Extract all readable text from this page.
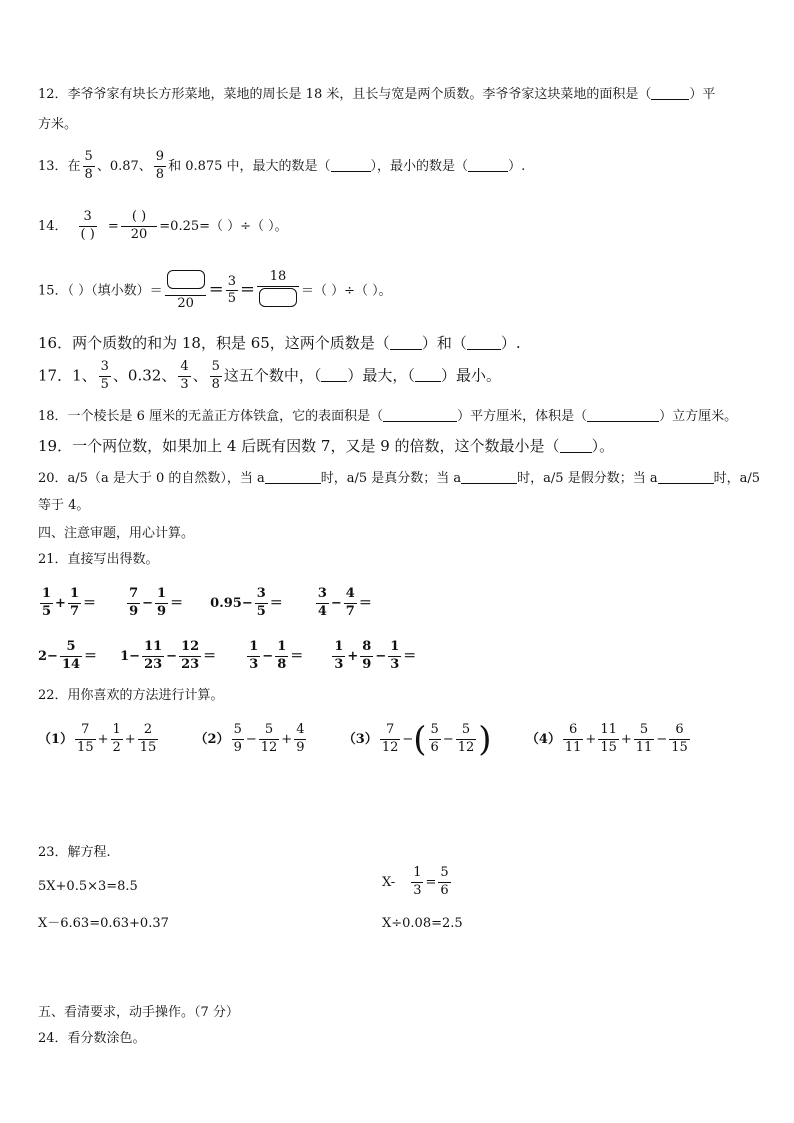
12．李爷爷家有块长方形菜地，菜地的周长是 18 米，且长与宽是两个质数。李爷爷家这块菜地的面积是（	）平
方米。
13．在 $\frac{5}{8}$ 、0.87、 $\frac{9}{8}$ 和 0.875 中，最大的数是（	），最小的数是（	）.
14． $\frac{3}{( )} = \frac{( )}{20} =0.25=$（ ）÷（ ）。
15．（ ）（填小数）＝
20
＝ $\frac{3}{5}$ ＝
18
＝（ ）÷（ ）。
16．两个质数的和为 18，积是 65，这两个质数是（ ）和（ ）.
17．1、 $\frac{3}{5}$ 、0.32、 $\frac{4}{3}$ 、 $\frac{5}{8}$ 这五个数中，（ ）最大，（ ）最小。
18．一个棱长是 6 厘米的无盖正方体铁盒，它的表面积是（	）平方厘米，体积是（	）立方厘米。
19．一个两位数，如果加上 4 后既有因数 7，又是 9 的倍数，这个数最小是（ ）。
20．a/5（a 是大于 0 的自然数），当 a	时，a/5 是真分数；当 a	时，a/5 是假分数；当 a	时，a/5
等于 4。
四、注意审题，用心计算。
21．直接写出得数。
$\frac{1}{5} + \frac{1}{7} = \frac{7}{9} - \frac{1}{9} = 0.95- \frac{3}{5}$ ＝	$\frac{3}{4} - \frac{4}{7}$ ＝
$2- \frac{5}{14} = 1- \frac{11}{23} - \frac{12}{23} = \frac{1}{3} - \frac{1}{8} = \frac{1}{3} + \frac{8}{9} - \frac{1}{3}$ ＝
22．用你喜欢的方法进行计算。
$(1) \frac{7}{15} + \frac{1}{2} + \frac{2}{15}$	$(2) \frac{5}{9} - \frac{5}{12} + \frac{4}{9}$	$(3) \frac{7}{12}$ −( $\frac{5}{6} - \frac{5}{12}$ )	$(4) \frac{6}{11} + \frac{11}{15} + \frac{5}{11} - \frac{6}{15}$
23．解方程.
5X+0.5×3=8.5	$X- \frac{1}{3} = \frac{5}{6}$
X－6.63=0.63+0.37	X÷0.08=2.5
五、看清要求，动手操作。（7 分）
24．看分数涂色。
